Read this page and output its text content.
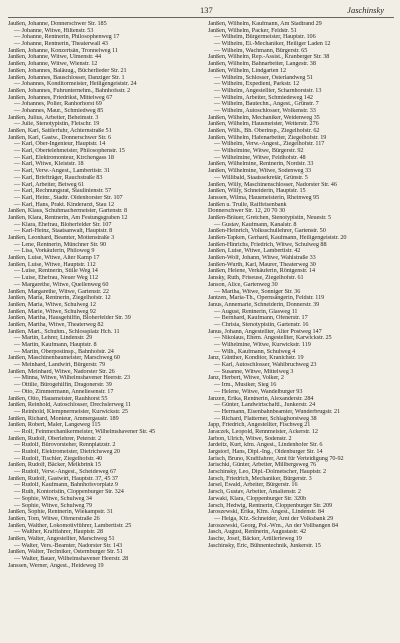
137	Jaschinsky
Jaußen, Johanne, Donnerschwer Str. 185
— Johanne, Witwe, Hiltenstr. 53
— Johanne, Rentnerin, Philosophenweg 17
— Johanne, Rentnerin, Theaterwall 43
Janßen, Johanne, Konzertsän, Tronnelweg 11
Janßen, Johanne, Witwe, Ulmenstr. 44
Janßen, Johanne, Witwe, Wienstr. 12
Janßen, Johannes, Baläuug., Bücherlieder Str. 21
Janßen, Johannes, Bauschlosser, Danziger Str. 1
— Johannes, Konditormeister, Heiligengeiststr. 24
Janßen, Johannes, Fuhrunternehm., Bahnhofsstr. 2
Janßen, Johannes, Friedrikst, Mittelweg 67
— Johannes, Polier, Ranhorhorst 69
— Johannes, Maur., Schmiedweg 85
Janßen, Julius, Arbeiter, Beheimstr. 3
— Julie, Stenotypistin, Fleischr. 19
Janßen, Karl, Sattlerfuhr, Achternstraße 51
Janßen, Karl, Gastw., Donnerschwer Str. 6
— Karl, Ober-Ingenieur, Hauptstr. 14
— Karl, Obertelehmeister, Philosophenstr. 15
— Karl, Elektromonteur, Kirchengass 18
— Karl, Witwe, Kleiststr. 18
— Karl, Verw.-Angest., Lambertistr. 31
— Karl, Briefträger, Rauchstraße 83
— Karl, Arbeiter, Beiweg 61
— Karl, Rechnungsrat, Staulinienstr. 57
— Karl, Heinr., Stadtr. Oldenhorster Str. 107
— Karl, Hans, Prakt. Kinderarzt, Stau 12
Janßen, Klaus, Schuhmachermeister, Gartenstr. 8
Janßen, Klara, Rentnerin, Am Festungsgraben 12
— Klara, Ehefrau, Bloherfelder Str. 107
— Karl-Heinz, Staatsanwalt, Hauptstr. 8
Janßen, Leonhard, Beamter, Mottenstraße 3
— Lene, Rentnerin, Münchner Str. 90
— Lisa, Vorkäuferin, Philoweg 9
Janßen, Luise, Witwe, Alter Kamp 17
Janßen, Luise, Witwe, Hauptstr. 112
— Luise, Rentnerin, Stille Weg 14
— Luise, Ehefrau, Neuer Weg 112
— Margarethe, Witwe, Quellenweg 60
Janßen, Margarethe, Witwe, Gartenstr. 22
Janßen, Maria, Rentnerin, Ziegelhofstr. 12
Janßen, Maria, Witwe, Schulweg 12
Janßen, Marie, Witwe, Schulweg 92
Janßen, Martha, Hausgehilfin, Bloherfelder Str. 39
Janßen, Martha, Witwe, Theaterweg 82
Janßen, Mart., Schuhm., Schlossplatz Hch. 11
— Martin, Lehrer, Lindenstr. 29
— Martin, Kaufmann, Hauptstr. 8
— Martin, Oberpostinsp., Bahnhofstr. 24
Janßen, Maschinenbaumeister, Marschweg 60
— Meinhard, Landwirt, Bürgerstr. 79
Janßen, Meinhard, Witwe, Nadorster Str. 26
— Minna, Witwe, Wilhelmshavener Heerstr. 23
— Ottilie, Bürogehilfin, Dragonerstr. 39
— Otto, Zimmermann, Anneliesenstr. 17
Janßen, Otto, Hausmeister, Rauhhorst 55
Janßen, Reinhold, Autoschlosser, Drechslerweg 11
— Reinhold, Klempnermeister, Kurwickstr. 25
Janßen, Richard, Monteur, Ammergaustr. 189
Janßen, Robert, Maler, Langeweg 115
— Rolf, Feinmechanikermeister, Wilhelmshavener Str. 45
Janßen, Rudolf, Oberlehrer, Peterstr. 2
— Rudolf, Bürovorsteher, Rennplatzstr. 2
— Rudolf, Elektromeister, Dietrichsweg 20
— Rudolf, Tischler, Ziegelhofstr. 40
Janßen, Rudolf, Bäcker, Melkbrink 15
— Rudolf, Verw.-Angest., Scheideweg 67
Janßen, Rudolf, Gastwirt, Hauptstr. 37, 45 37
— Rudolf, Kaufmann, Bahnhofsvorplatz 9
— Ruth, Kontoristin, Cloppenburger Str. 324
— Sophie, Witwe, Schulweg 34
— Sophie, Witwe, Schulweg 79
Janßen, Sophie, Rentnerin, Wiekampstr. 31
Janßen, Tom, Witwe, Ofenerstraße 26
Janßen, Walther, Lokomotivführer, Lambertistr. 25
— Walther, Kraftfahrer, Hauptstr. 28
Janßen, Walter, Angestellter, Marschweg 51
— Walter, Vers.-Beamter, Nadorster Str. 143
Janßen, Walter, Techniker, Osternburger Str. 51
— Walter, Bauer, Wilhelmshavener Heerstr. 28
Janssen, Werner, Angest., Heideweg 19
Janßen, Wilhelm, Kaufmann, Am Stadtrand 29
Janßen, Wilhelm, Packer, Feldstr. 51
— Wilhelm, Bürgermeister, Hauptstr. 106
— Wilhelm, El.-Mechaniker, Heiliger Laden 12
— Wilhelm, Wachmann, Bürgerstr. 65
Janßen, Wilhelm, Rep.-Assist., Kranberger Str. 38
Janßen, Wilhelm, Bahnarbeiter, Langestr. 38
Janßen, Wilhelm, Lindgarten 12
— Wilhelm, Schlosser, Osterlandweg 51
— Wilhelm, Expedient, Parkstr. 12
— Wilhelm, Angestellter, Scharnhorststr. 13
— Wilhelm, Arbeiter, Schmiedeweg 142
— Wilhelm, Bautechn., Angest., Grünstr. 7
— Wilhelm, Autoschlosser, Wolkenstr. 33
Janßen, Wilhelm, Mechaniker, Weidenweg 35
Janßen, Wilhelm, Hausmeister, Wetterstr. 276
Janßen, Wilh., Bh. Oberinsp., Ziegelhofstr. 62
Janßen, Wilhelm, Hafenarbeiter, Ziegelhofstr. 19
— Wilhelm, Verw.-Angest., Ziegelhofstr. 117
— Wilhelmine, Witwe, Bürgerstr. 92
— Wilhelmine, Witwe, Feldhofstr. 48
Janßen, Wilhelmine, Rentnerin, Nordstr. 33
Janßen, Wilhelmine, Witwe, Sodenweg 33
— Willibald, Staatssekretär, Grünstr. 5
Janßen, Willy, Maschinenschlosser, Nadorster Str. 46
Janßen, Willy, Schneiderin, Hauptstr. 15
Janssen, Wilma, Hausmeisterin, Rheinweg 95
Janßen u. Trulle, Raiffeisenbank
Donnerschwer Str. 12, 20 70 30
Janßen-Bräuer, Gretchen, Stenotypistin, Neuestr. 5
— Gustav, Kaufmann, Kanalstr. 8
Janßen-Heinrich, Volksschullehrer, Gartenstr. 50
Janßen-Tapken, Gerhard, Kaufmann, Heiligengeiststr. 20
Janßen-Hinrichs, Friedrich, Witwe, Schulweg 88
Janßen, Luise, Witwe, Lambertistr. 42
Janßen-Wolf, Johann, Witwe, Wahlstraße 33
Janßen-Wurth, Karl, Maurer, Theaterweg 30
Janßen, Helene, Verkäuferin, Röntgenstr. 14
Jansky, Ruth, Friseuse, Ziegelhofstr. 61
Janson, Alice, Gartenweg 30
— Martha, Witwe, Sonniger Str. 36
Jantzen, Maria-Th., Opernsängerin, Feldstr. 119
Janus, Annemarie, Schneiderin, Donnerstr. 39
— August, Rentnerin, Glasweg 11
— Bernhard, Kaufmann, Ofenerstr. 17
— Christa, Stenotypistin, Gartenstr. 16
Janus, Johann, Angestellter, Alter Postweg 147
— Nikolaus, Ehem. Angestellter, Karwickstr. 25
— Wilhelmine, Witwe, Kurwickstr. 119
— Wilh., Kaufmann, Schulweg 4
Janz, Günther, Konditor, Kranichstr. 19
— Karl, Autoschlosser, Wahlbruchweg 23
— Susanne, Witwe, Mittelweg 3
Janz, Herbert, Witwe, Volker, 2
— Irm., Musiker, Sieg 16
— Helene, Witwe, Wandelburger 93
Janzen, Erika, Rentnerin, Alexanderstr. 284
— Günter, Landwirtschaftl., Junkerstr. 24
— Hermann, Eisenbahnbeamter, Wunderbrugstr. 21
— Richard, Flatterner, Schlaghorstweg 38
Japp, Friedrich, Angestellter, Fischweg 21
Jaraczek, Leopold, Rennmeister, Ackerstr. 12
Jarbon, Ulrich, Witwe, Sodenstr. 2
Jardeitz, Kurt, kfm. Angest., Lindenhofer Str. 6
Jargstorf, Hans, Dipl.-Ing., Oldenburger Str. 14
Jarisch, Bruno, Kraftfahrer, Amt für Verteidigung 70-92
Jarischki, Günter, Arbeiter, Millbergsweg 76
Jarschinsky, Leo, Dipl.-Dolmetscher, Hauptstr. 2
Jarsch, Friedrich, Mechaniker, Bürgerstr. 3
Jarsel, Ewald, Arbeiter, Bürgerstr. 16
Jarsch, Gustav, Arbeiter, Amalienstr. 2
Jarwaki, Klara, Cloppenburger Str. 320b
Jarsch, Hedwig, Rentnerin, Cloppenburger Str. 209
Jaroszewski, Erika, Kfm. Angest., Lindenstr. 84
— Helga, Kfz.-Schneider, Amt der Volksbank 29
Jaroszewski, Georg, Pol.-Wm., An der Vollbangen 84
Jasch, August, Rentnerin, Augustastr. 42
Jasche, Josef, Bäcker, Artillerieweg 19
Jaschinsky, Eric, Bühnentechnik, Junkerstr. 15
